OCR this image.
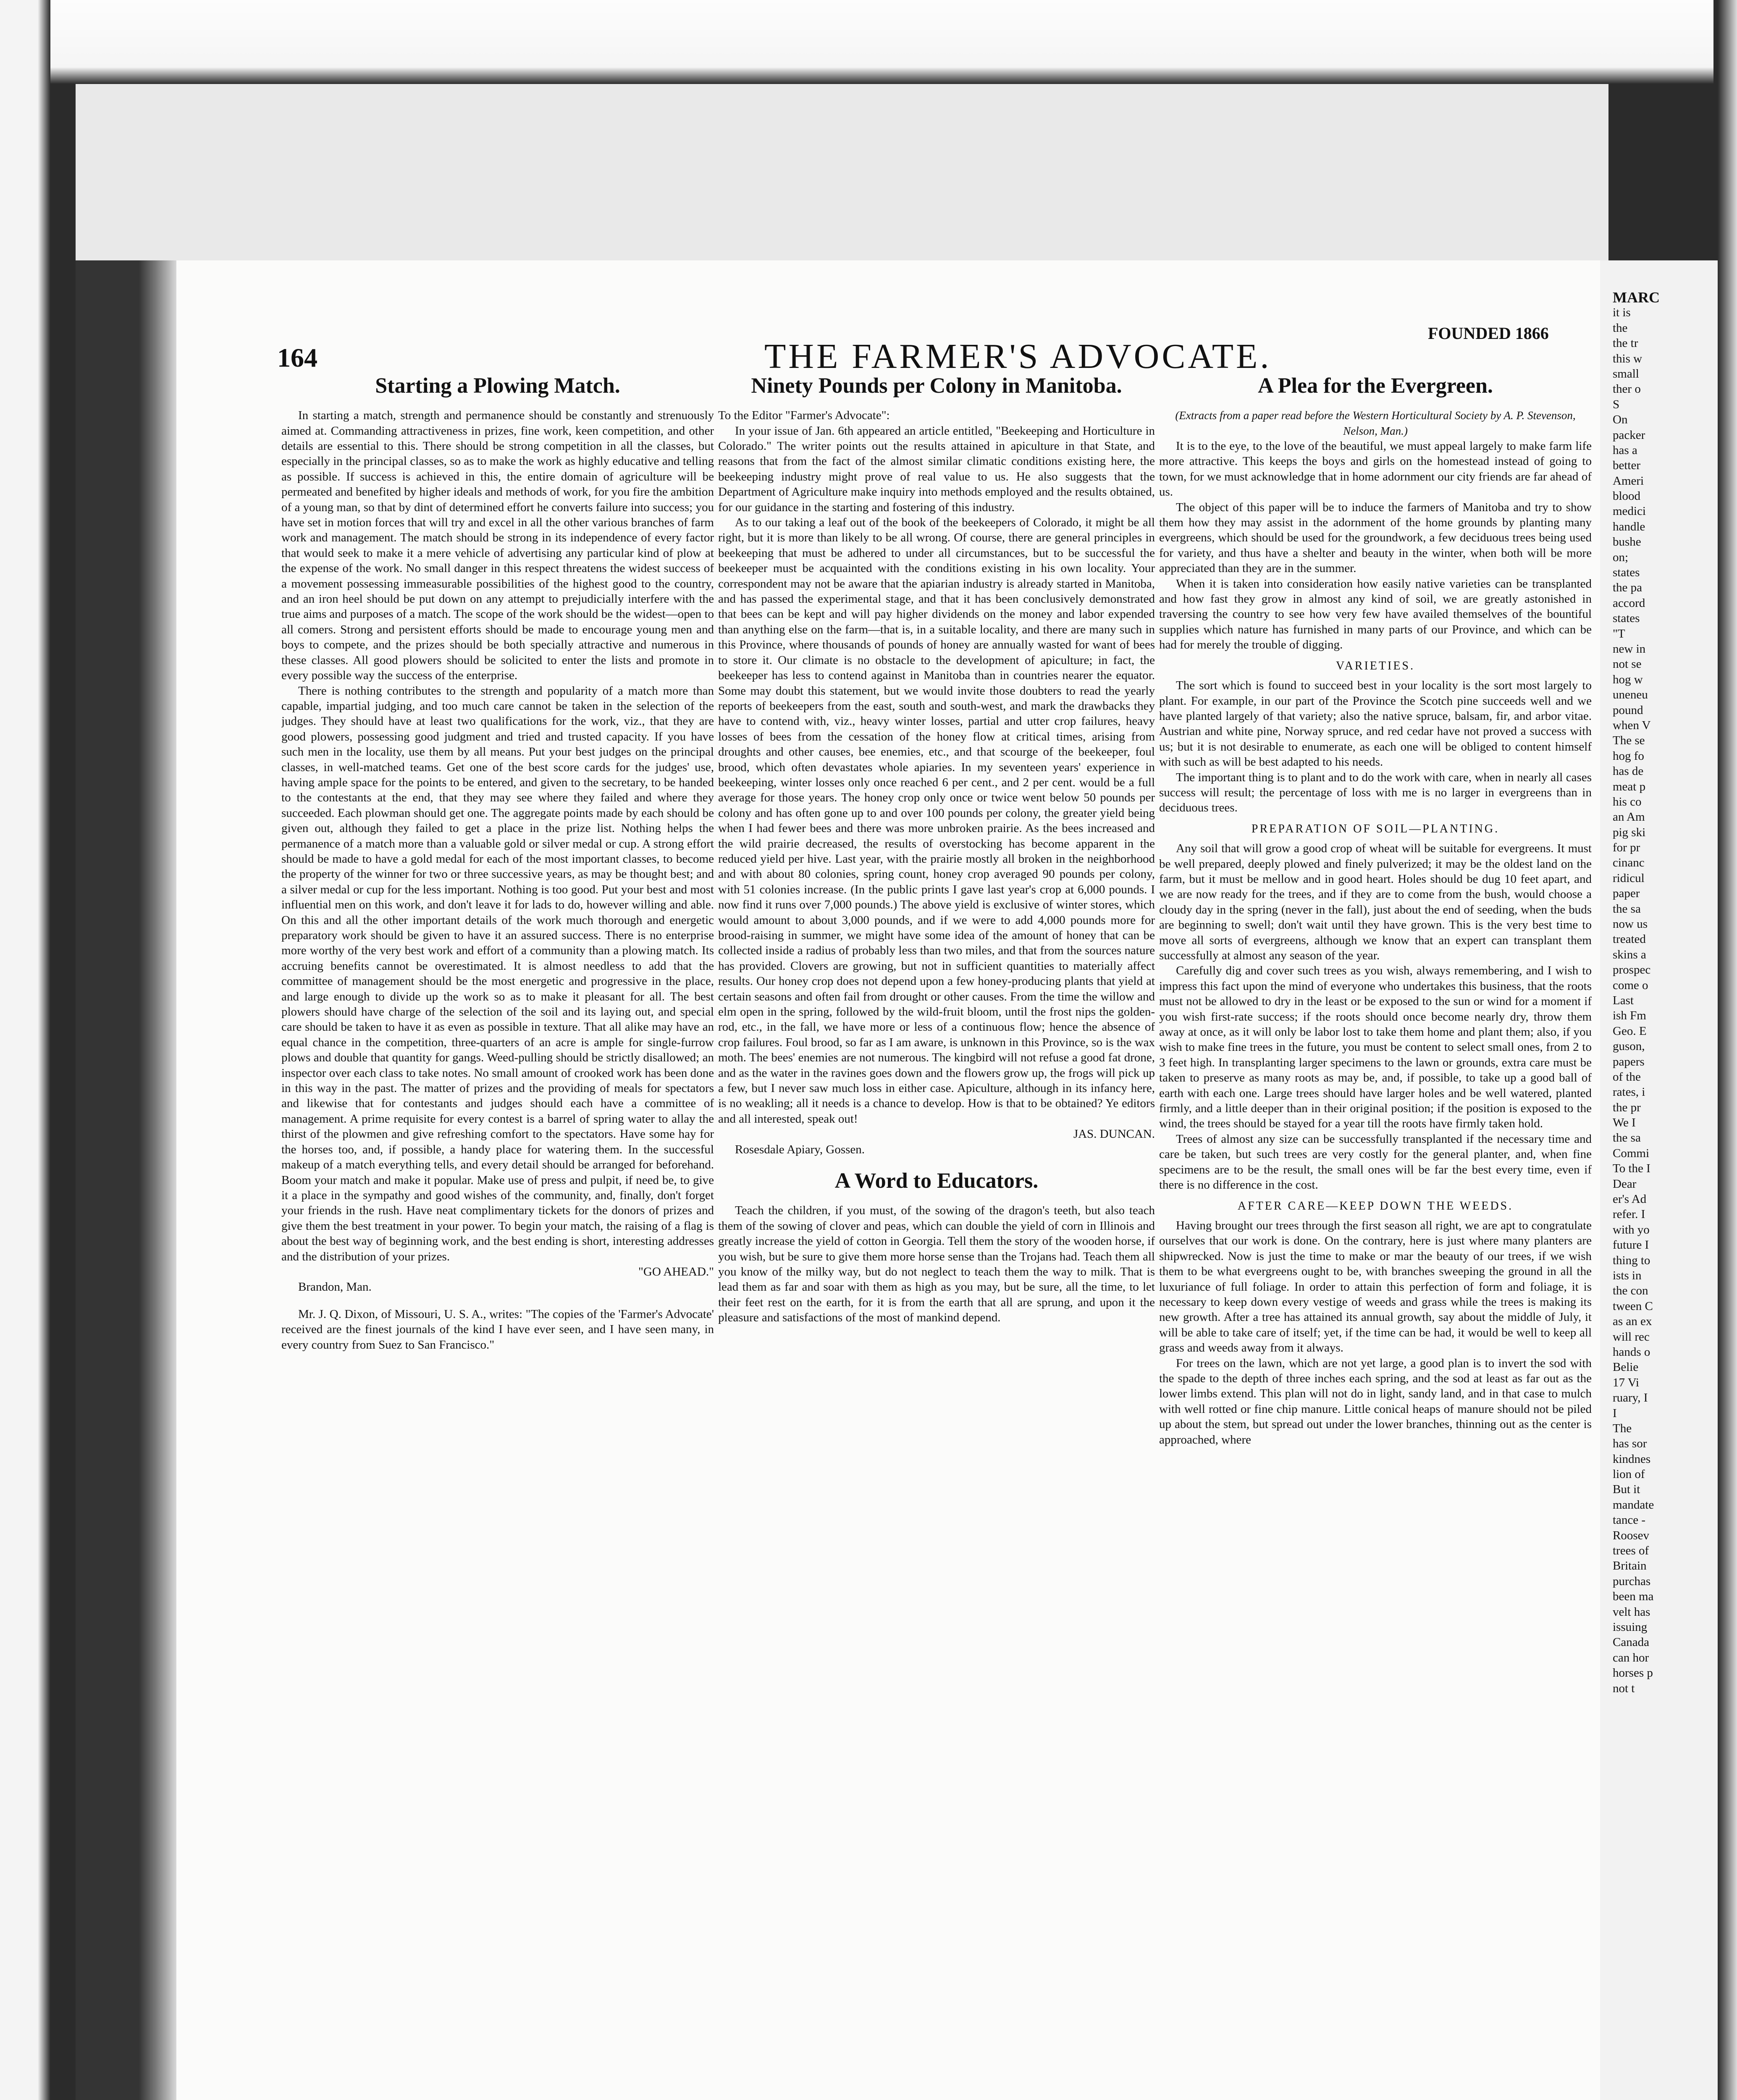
164	THE FARMER'S ADVOCATE.
FOUNDED 1866
Starting a Plowing Match.

In starting a match, strength and permanence should be constantly and strenuously aimed at. Commanding attractiveness in prizes, fine work, keen competition, and other details are essential to this. There should be strong competition in all the classes, but especially in the principal classes, so as to make the work as highly educative and telling as possible. If success is achieved in this, the entire domain of agriculture will be permeated and benefited by higher ideals and methods of work, for you fire the ambition of a young man, so that by dint of determined effort he converts failure into success; you have set in motion forces that will try and excel in all the other various branches of farm work and management. The match should be strong in its independence of every factor that would seek to make it a mere vehicle of advertising any particular kind of plow at the expense of the work. No small danger in this respect threatens the widest success of a movement possessing immeasurable possibilities of the highest good to the country, and an iron heel should be put down on any attempt to prejudicially interfere with the true aims and purposes of a match. The scope of the work should be the widest—open to all comers. Strong and persistent efforts should be made to encourage young men and boys to compete, and the prizes should be both specially attractive and numerous in these classes. All good plowers should be solicited to enter the lists and promote in every possible way the success of the enterprise.

There is nothing contributes to the strength and popularity of a match more than capable, impartial judging, and too much care cannot be taken in the selection of the judges. They should have at least two qualifications for the work, viz., that they are good plowers, possessing good judgment and tried and trusted capacity. If you have such men in the locality, use them by all means. Put your best judges on the principal classes, in well-matched teams. Get one of the best score cards for the judges' use, having ample space for the points to be entered, and given to the secretary, to be handed to the contestants at the end, that they may see where they failed and where they succeeded. Each plowman should get one. The aggregate points made by each should be given out, although they failed to get a place in the prize list. Nothing helps the permanence of a match more than a valuable gold or silver medal or cup. A strong effort should be made to have a gold medal for each of the most important classes, to become the property of the winner for two or three successive years, as may be thought best; and a silver medal or cup for the less important. Nothing is too good. Put your best and most influential men on this work, and don't leave it for lads to do, however willing and able. On this and all the other important details of the work much thorough and energetic preparatory work should be given to have it an assured success. There is no enterprise more worthy of the very best work and effort of a community than a plowing match. Its accruing benefits cannot be overestimated. It is almost needless to add that the committee of management should be the most energetic and progressive in the place, and large enough to divide up the work so as to make it pleasant for all. The best plowers should have charge of the selection of the soil and its laying out, and special care should be taken to have it as even as possible in texture. That all alike may have an equal chance in the competition, three-quarters of an acre is ample for single-furrow plows and double that quantity for gangs. Weed-pulling should be strictly disallowed; an inspector over each class to take notes. No small amount of crooked work has been done in this way in the past. The matter of prizes and the providing of meals for spectators and likewise that for contestants and judges should each have a committee of management. A prime requisite for every contest is a barrel of spring water to allay the thirst of the plowmen and give refreshing comfort to the spectators. Have some hay for the horses too, and, if possible, a handy place for watering them. In the successful makeup of a match everything tells, and every detail should be arranged for beforehand. Boom your match and make it popular. Make use of press and pulpit, if need be, to give it a place in the sympathy and good wishes of the community, and, finally, don't forget your friends in the rush. Have neat complimentary tickets for the donors of prizes and give them the best treatment in your power. To begin your match, the raising of a flag is about the best way of beginning work, and the best ending is short, interesting addresses and the distribution of your prizes.

"GO AHEAD."

Brandon, Man.

Mr. J. Q. Dixon, of Missouri, U. S. A., writes: "The copies of the 'Farmer's Advocate' received are the finest journals of the kind I have ever seen, and I have seen many, in every country from Suez to San Francisco."

Ninety Pounds per Colony in Manitoba.

To the Editor "Farmer's Advocate":

In your issue of Jan. 6th appeared an article entitled, "Beekeeping and Horticulture in Colorado." The writer points out the results attained in apiculture in that State, and reasons that from the fact of the almost similar climatic conditions existing here, the beekeeping industry might prove of real value to us. He also suggests that the Department of Agriculture make inquiry into methods employed and the results obtained, for our guidance in the starting and fostering of this industry.

As to our taking a leaf out of the book of the beekeepers of Colorado, it might be all right, but it is more than likely to be all wrong. Of course, there are general principles in beekeeping that must be adhered to under all circumstances, but to be successful the beekeeper must be acquainted with the conditions existing in his own locality. Your correspondent may not be aware that the apiarian industry is already started in Manitoba, and has passed the experimental stage, and that it has been conclusively demonstrated that bees can be kept and will pay higher dividends on the money and labor expended than anything else on the farm—that is, in a suitable locality, and there are many such in this Province, where thousands of pounds of honey are annually wasted for want of bees to store it. Our climate is no obstacle to the development of apiculture; in fact, the beekeeper has less to contend against in Manitoba than in countries nearer the equator. Some may doubt this statement, but we would invite those doubters to read the yearly reports of beekeepers from the east, south and south-west, and mark the drawbacks they have to contend with, viz., heavy winter losses, partial and utter crop failures, heavy losses of bees from the cessation of the honey flow at critical times, arising from droughts and other causes, bee enemies, etc., and that scourge of the beekeeper, foul brood, which often devastates whole apiaries. In my seventeen years' experience in beekeeping, winter losses only once reached 6 per cent., and 2 per cent. would be a full average for those years. The honey crop only once or twice went below 50 pounds per colony and has often gone up to and over 100 pounds per colony, the greater yield being when I had fewer bees and there was more unbroken prairie. As the bees increased and the wild prairie decreased, the results of overstocking has become apparent in the reduced yield per hive. Last year, with the prairie mostly all broken in the neighborhood and with about 80 colonies, spring count, honey crop averaged 90 pounds per colony, with 51 colonies increase. (In the public prints I gave last year's crop at 6,000 pounds. I now find it runs over 7,000 pounds.) The above yield is exclusive of winter stores, which would amount to about 3,000 pounds, and if we were to add 4,000 pounds more for brood-raising in summer, we might have some idea of the amount of honey that can be collected inside a radius of probably less than two miles, and that from the sources nature has provided. Clovers are growing, but not in sufficient quantities to materially affect results. Our honey crop does not depend upon a few honey-producing plants that yield at certain seasons and often fail from drought or other causes. From the time the willow and elm open in the spring, followed by the wild-fruit bloom, until the frost nips the golden-rod, etc., in the fall, we have more or less of a continuous flow; hence the absence of crop failures. Foul brood, so far as I am aware, is unknown in this Province, so is the wax moth. The bees' enemies are not numerous. The kingbird will not refuse a good fat drone, and as the water in the ravines goes down and the flowers grow up, the frogs will pick up a few, but I never saw much loss in either case. Apiculture, although in its infancy here, is no weakling; all it needs is a chance to develop. How is that to be obtained? Ye editors and all interested, speak out!

JAS. DUNCAN.

Rosesdale Apiary, Gossen.

A Word to Educators.

Teach the children, if you must, of the sowing of the dragon's teeth, but also teach them of the sowing of clover and peas, which can double the yield of corn in Illinois and greatly increase the yield of cotton in Georgia. Tell them the story of the wooden horse, if you wish, but be sure to give them more horse sense than the Trojans had. Teach them all you know of the milky way, but do not neglect to teach them the way to milk. That is lead them as far and soar with them as high as you may, but be sure, all the time, to let their feet rest on the earth, for it is from the earth that all are sprung, and upon it the pleasure and satisfactions of the most of mankind depend.

A Plea for the Evergreen.

(Extracts from a paper read before the Western Horticultural Society by A. P. Stevenson, Nelson, Man.)

It is to the eye, to the love of the beautiful, we must appeal largely to make farm life more attractive. This keeps the boys and girls on the homestead instead of going to town, for we must acknowledge that in home adornment our city friends are far ahead of us.

The object of this paper will be to induce the farmers of Manitoba and try to show them how they may assist in the adornment of the home grounds by planting many evergreens, which should be used for the groundwork, a few deciduous trees being used for variety, and thus have a shelter and beauty in the winter, when both will be more appreciated than they are in the summer.

When it is taken into consideration how easily native varieties can be transplanted and how fast they grow in almost any kind of soil, we are greatly astonished in traversing the country to see how very few have availed themselves of the bountiful supplies which nature has furnished in many parts of our Province, and which can be had for merely the trouble of digging.

VARIETIES.

The sort which is found to succeed best in your locality is the sort most largely to plant. For example, in our part of the Province the Scotch pine succeeds well and we have planted largely of that variety; also the native spruce, balsam, fir, and arbor vitae. Austrian and white pine, Norway spruce, and red cedar have not proved a success with us; but it is not desirable to enumerate, as each one will be obliged to content himself with such as will be best adapted to his needs.

The important thing is to plant and to do the work with care, when in nearly all cases success will result; the percentage of loss with me is no larger in evergreens than in deciduous trees.

PREPARATION OF SOIL—PLANTING.

Any soil that will grow a good crop of wheat will be suitable for evergreens. It must be well prepared, deeply plowed and finely pulverized; it may be the oldest land on the farm, but it must be mellow and in good heart. Holes should be dug 10 feet apart, and we are now ready for the trees, and if they are to come from the bush, would choose a cloudy day in the spring (never in the fall), just about the end of seeding, when the buds are beginning to swell; don't wait until they have grown. This is the very best time to move all sorts of evergreens, although we know that an expert can transplant them successfully at almost any season of the year.

Carefully dig and cover such trees as you wish, always remembering, and I wish to impress this fact upon the mind of everyone who undertakes this business, that the roots must not be allowed to dry in the least or be exposed to the sun or wind for a moment if you wish first-rate success; if the roots should once become nearly dry, throw them away at once, as it will only be labor lost to take them home and plant them; also, if you wish to make fine trees in the future, you must be content to select small ones, from 2 to 3 feet high. In transplanting larger specimens to the lawn or grounds, extra care must be taken to preserve as many roots as may be, and, if possible, to take up a good ball of earth with each one. Large trees should have larger holes and be well watered, planted firmly, and a little deeper than in their original position; if the position is exposed to the wind, the trees should be stayed for a year till the roots have firmly taken hold.

Trees of almost any size can be successfully transplanted if the necessary time and care be taken, but such trees are very costly for the general planter, and, when fine specimens are to be the result, the small ones will be far the best every time, even if there is no difference in the cost.

AFTER CARE—KEEP DOWN THE WEEDS.

Having brought our trees through the first season all right, we are apt to congratulate ourselves that our work is done. On the contrary, here is just where many planters are shipwrecked. Now is just the time to make or mar the beauty of our trees, if we wish them to be what evergreens ought to be, with branches sweeping the ground in all the luxuriance of full foliage. In order to attain this perfection of form and foliage, it is necessary to keep down every vestige of weeds and grass while the trees is making its new growth. After a tree has attained its annual growth, say about the middle of July, it will be able to take care of itself; yet, if the time can be had, it would be well to keep all grass and weeds away from it always.

For trees on the lawn, which are not yet large, a good plan is to invert the sod with the spade to the depth of three inches each spring, and the sod at least as far out as the lower limbs extend. This plan will not do in light, sandy land, and in that case to mulch with well rotted or fine chip manure. Little conical heaps of manure should not be piled up about the stem, but spread out under the lower branches, thinning out as the center is approached, where

MARC
it is
the
the tr
this w
small
ther o
S
On
packer
has a
better
Ameri
blood
medici
handle
bushe
on;
states
the pa
accord
states
"T
new in
not se
hog w
uneneu
pound
when V
The se
hog fo
has de
meat p
his co
an Am
pig ski
for pr
cinanc
ridicul
paper
the sa
now us
treated
skins a
prospec
come o
Last
ish Fm
Geo. E
guson,
papers
of the
rates, i
the pr
We I
the sa
Commi
To the I
Dear
er's Ad
refer. I
with yo
future I
thing to
ists in
the con
tween C
as an ex
will rec
hands o
Belie
17 Vi
ruary, I
I
The
has sor
kindnes
lion of
But it
mandate
tance -
Roosev
trees of
Britain
purchas
been ma
velt has
issuing
Canada
can hor
horses p
not t
